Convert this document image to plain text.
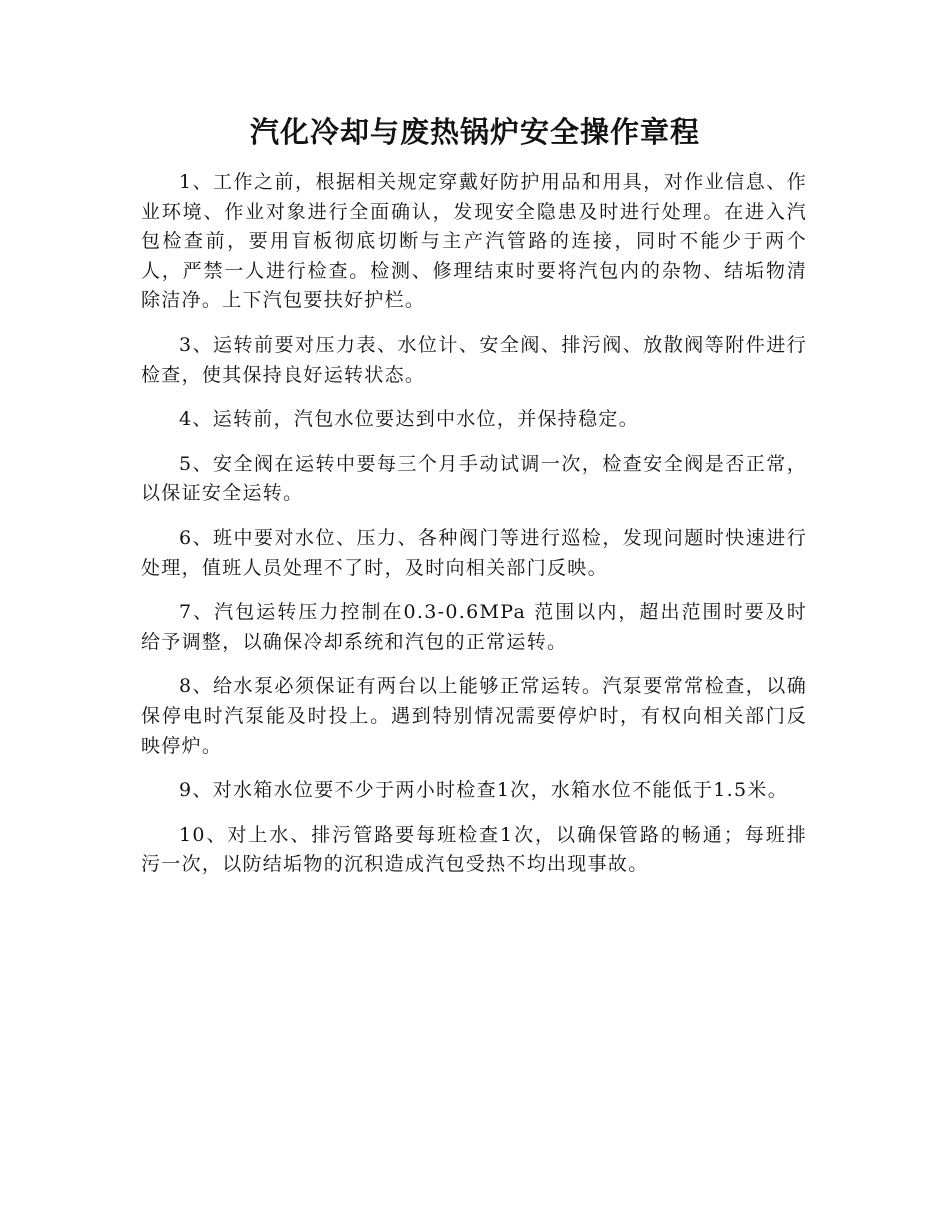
汽化冷却与废热锅炉安全操作章程

1、工作之前，根据相关规定穿戴好防护用品和用具，对作业信息、作业环境、作业对象进行全面确认，发现安全隐患及时进行处理。在进入汽包检查前，要用盲板彻底切断与主产汽管路的连接，同时不能少于两个人，严禁一人进行检查。检测、修理结束时要将汽包内的杂物、结垢物清除洁净。上下汽包要扶好护栏。

3、运转前要对压力表、水位计、安全阀、排污阀、放散阀等附件进行检查，使其保持良好运转状态。

4、运转前，汽包水位要达到中水位，并保持稳定。

5、安全阀在运转中要每三个月手动试调一次，检查安全阀是否正常，以保证安全运转。

6、班中要对水位、压力、各种阀门等进行巡检，发现问题时快速进行处理，值班人员处理不了时，及时向相关部门反映。

7、汽包运转压力控制在0.3-0.6MPa 范围以内，超出范围时要及时给予调整，以确保冷却系统和汽包的正常运转。

8、给水泵必须保证有两台以上能够正常运转。汽泵要常常检查，以确保停电时汽泵能及时投上。遇到特别情况需要停炉时，有权向相关部门反映停炉。

9、对水箱水位要不少于两小时检查1次，水箱水位不能低于1.5米。

10、对上水、排污管路要每班检查1次，以确保管路的畅通；每班排污一次，以防结垢物的沉积造成汽包受热不均出现事故。
